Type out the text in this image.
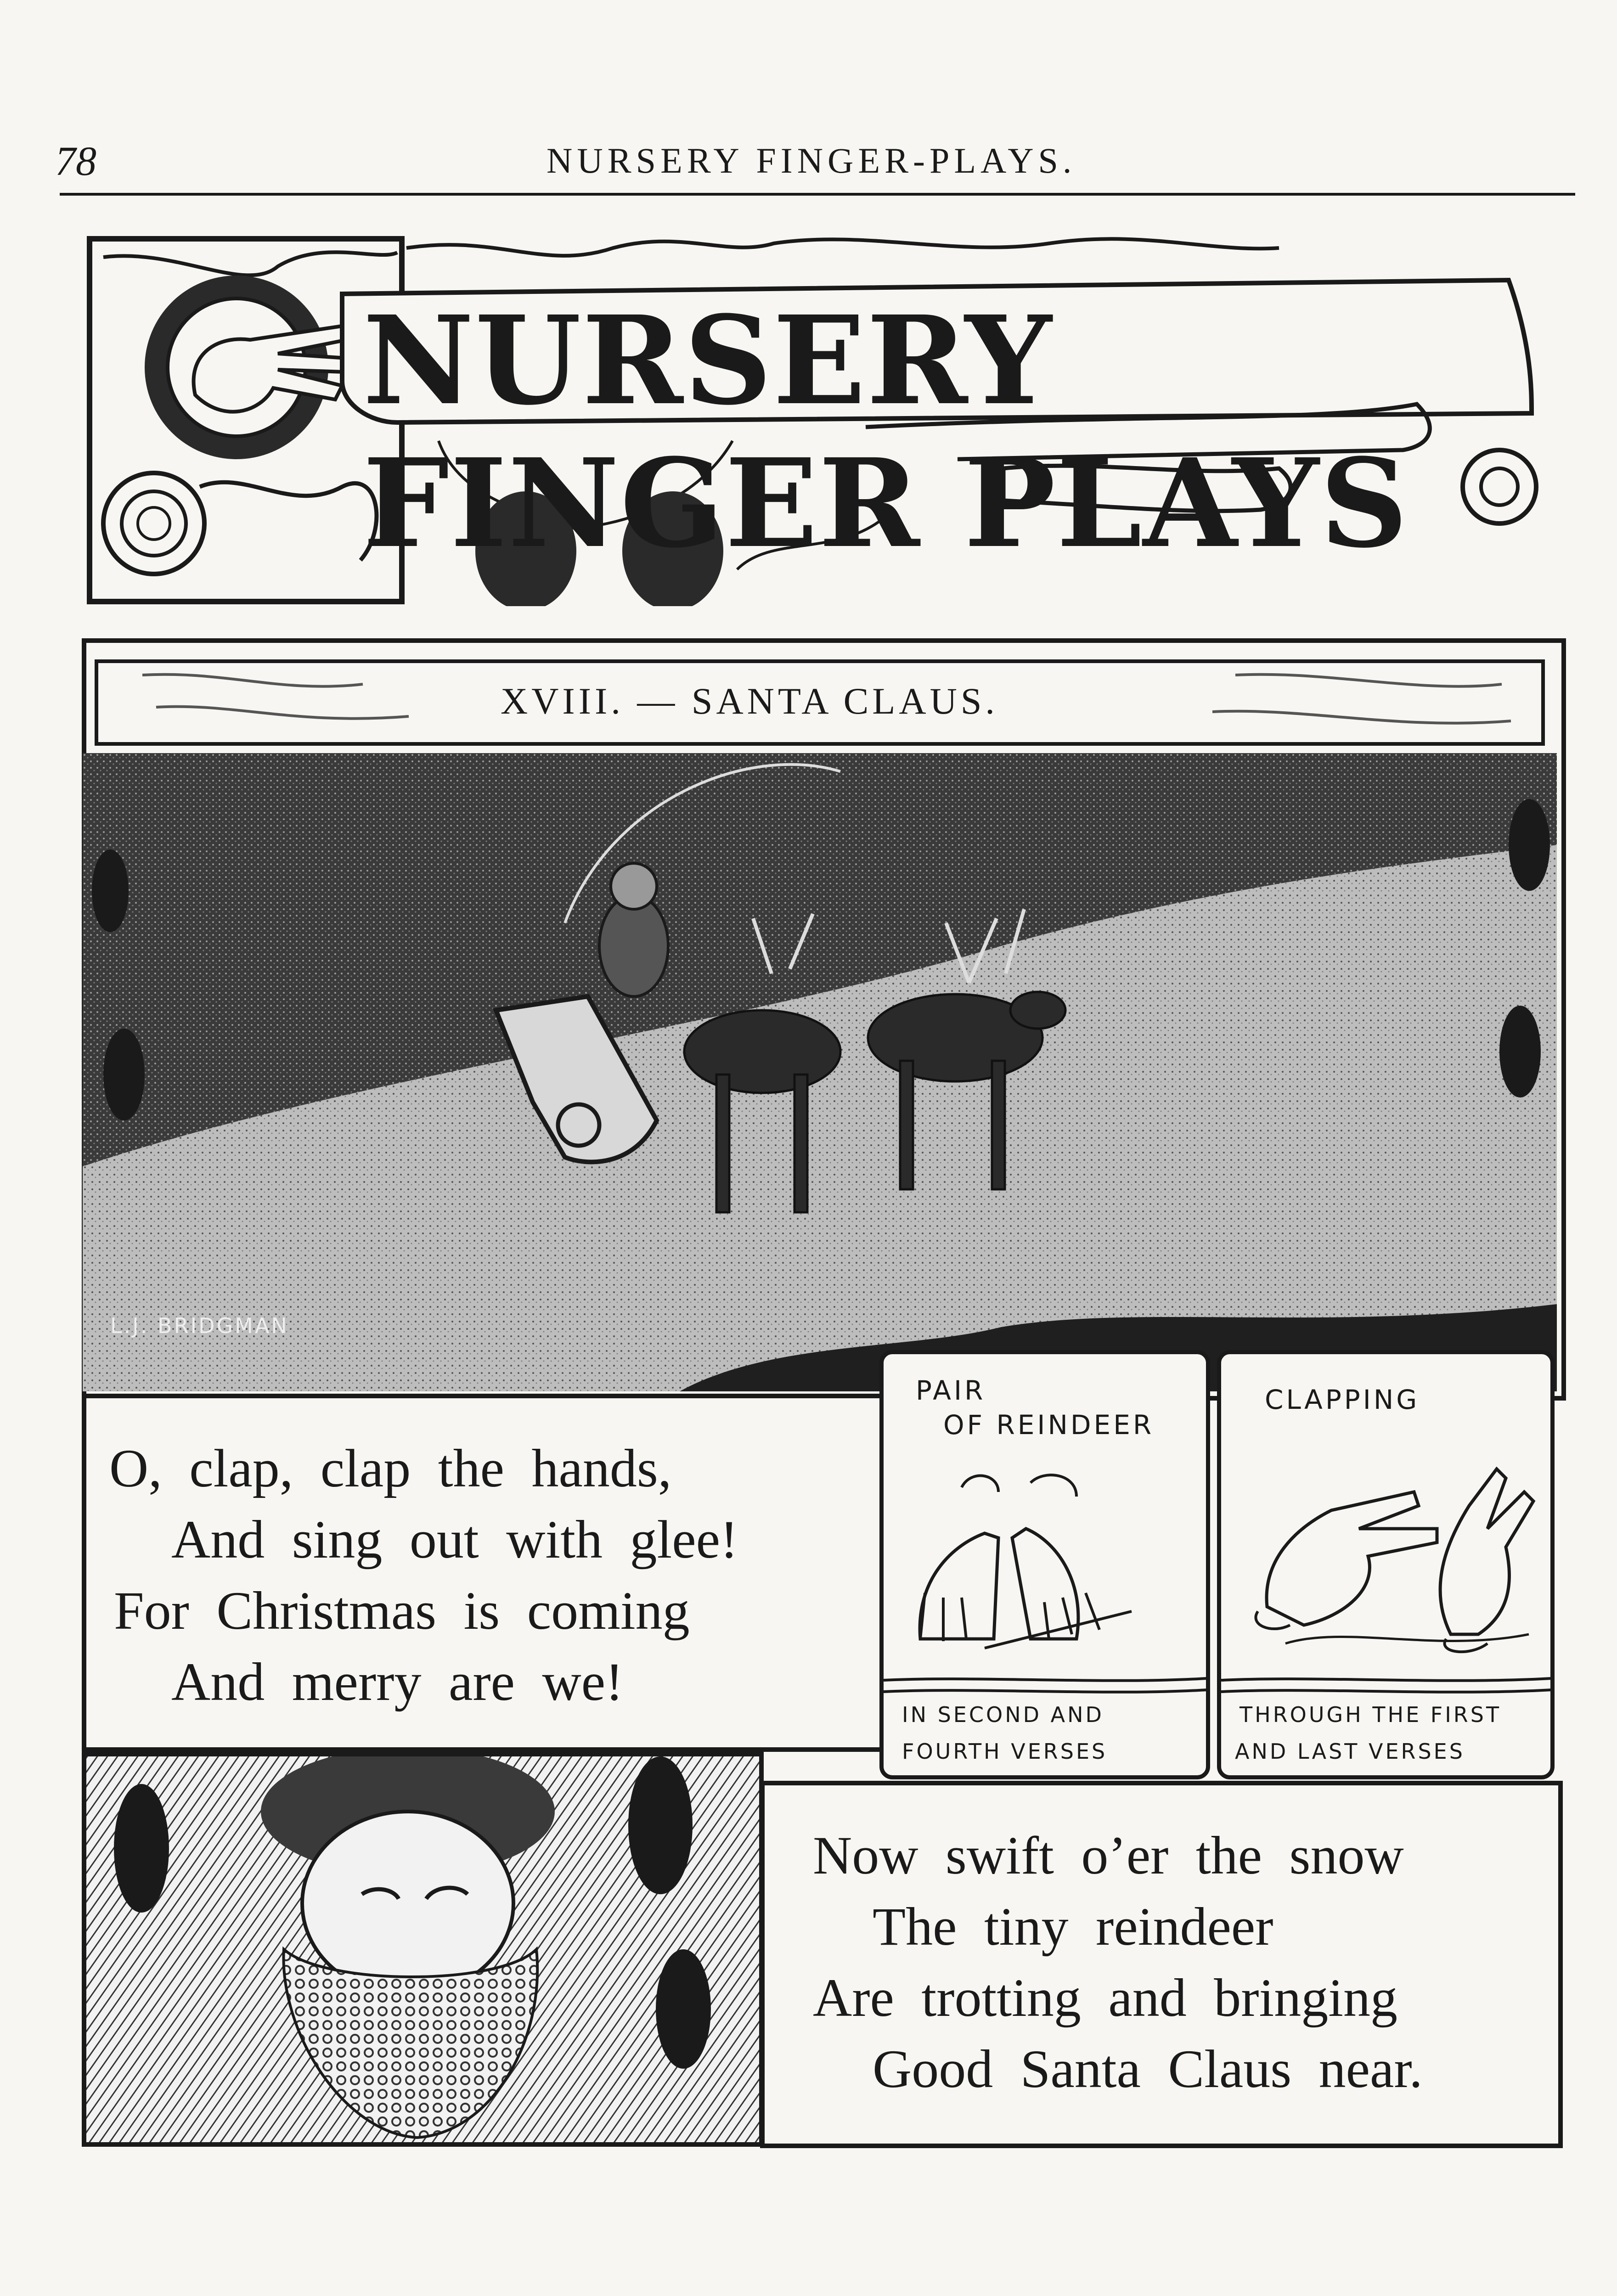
78	NURSERY FINGER-PLAYS.
NURSERY FINGER PLAYS
XVIII. — SANTA CLAUS.
L.J. BRIDGMAN
O, clap, clap the hands,
And sing out with glee!
For Christmas is coming
And merry are we!
PAIR
OF REINDEER
IN SECOND AND
FOURTH VERSES
CLAPPING
THROUGH THE FIRST
AND LAST VERSES
Now swift o’er the snow
The tiny reindeer
Are trotting and bringing
Good Santa Claus near.
